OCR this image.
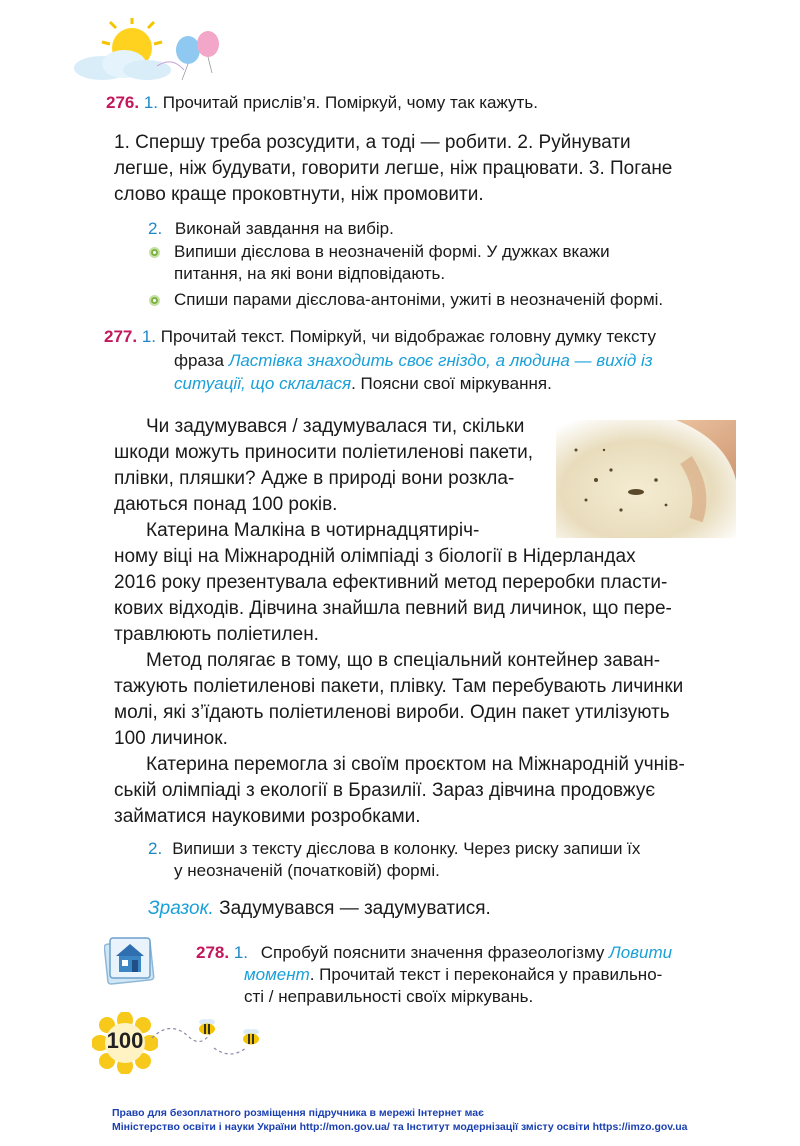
276. 1. Прочитай прислів’я. Поміркуй, чому так кажуть.
1. Спершу треба розсудити, а тоді — робити. 2. Руйнувати
легше, ніж будувати, говорити легше, ніж працювати. 3. Погане
слово краще проковтнути, ніж промовити.
2. Виконай завдання на вибір.
Випиши дієслова в неозначеній формі. У дужках вкажи
питання, на які вони відповідають.
Спиши парами дієслова-антоніми, ужиті в неозначеній формі.
277. 1. Прочитай текст. Поміркуй, чи відображає головну думку тексту
фраза Ластівка знаходить своє гніздо, а людина — вихід із
ситуації, що склалася. Поясни свої міркування.
Чи задумувався / задумувалася ти, скільки
шкоди можуть приносити поліетиленові пакети,
плівки, пляшки? Адже в природі вони розкла-
даються понад 100 років.
Катерина Малкіна в чотирнадцятиріч-
ному віці на Міжнародній олімпіаді з біології в Нідерландах
2016 року презентувала ефективний метод переробки пласти-
кових відходів. Дівчина знайшла певний вид личинок, що пере-
травлюють поліетилен.
Метод полягає в тому, що в спеціальний контейнер заван-
тажують поліетиленові пакети, плівку. Там перебувають личинки
молі, які з’їдають поліетиленові вироби. Один пакет утилізують
100 личинок.
Катерина перемогла зі своїм проєктом на Міжнародній учнів-
ській олімпіаді з екології в Бразилії. Зараз дівчина продовжує
займатися науковими розробками.
2. Випиши з тексту дієслова в колонку. Через риску запиши їх
у неозначеній (початковій) формі.
Зразок. Задумувався — задумуватися.
278. 1. Спробуй пояснити значення фразеологізму Ловити
момент. Прочитай текст і переконайся у правильно-
сті / неправильності своїх міркувань.
100
Право для безоплатного розміщення підручника в мережі Інтернет має
Міністерство освіти і науки України http://mon.gov.ua/ та Інститут модернізації змісту освіти https://imzo.gov.ua
